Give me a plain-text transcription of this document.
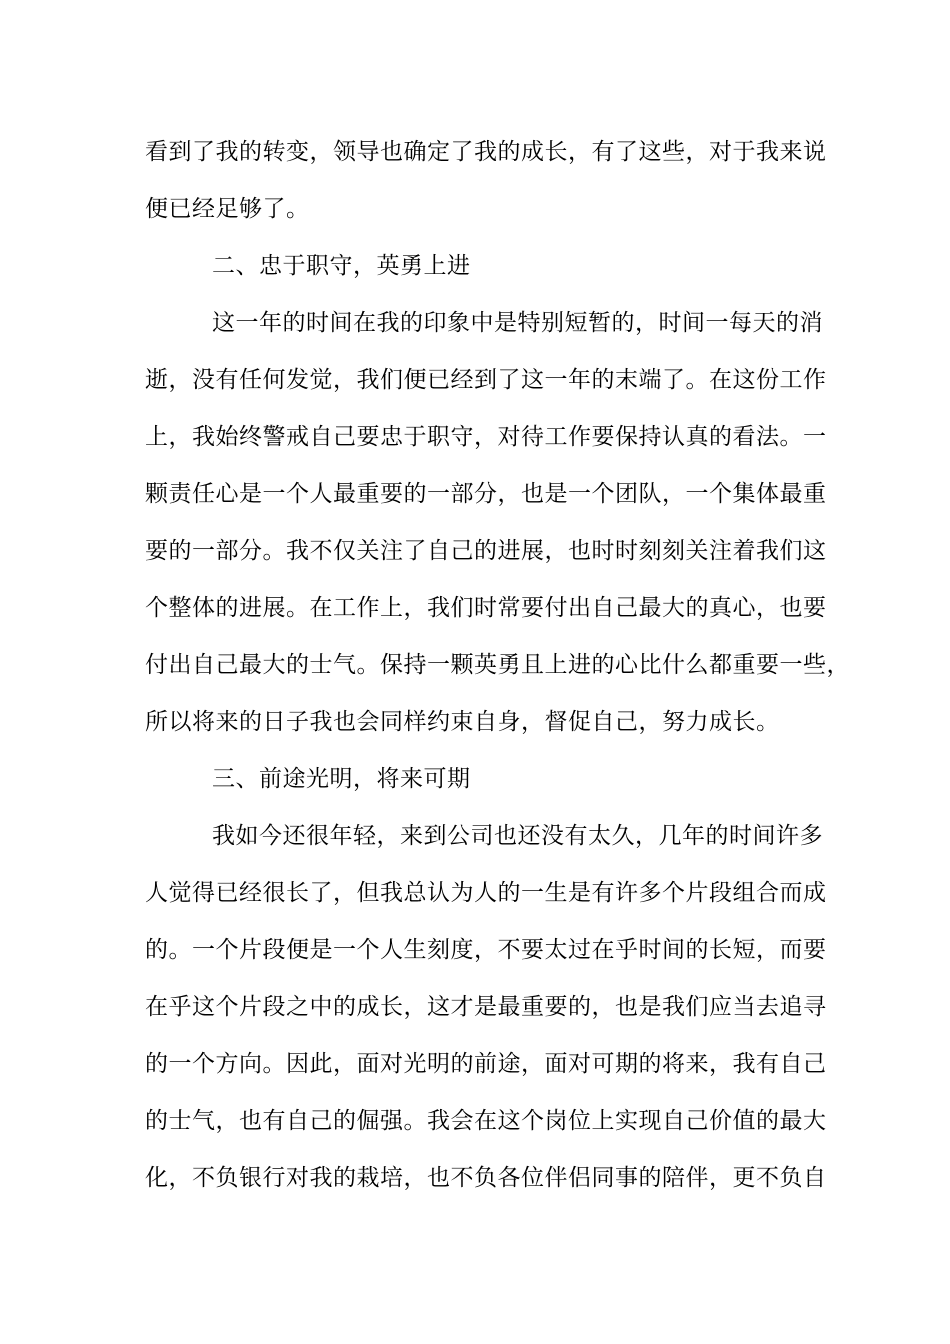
看到了我的转变，领导也确定了我的成长，有了这些，对于我来说
便已经足够了。
二、忠于职守，英勇上进
这一年的时间在我的印象中是特别短暂的，时间一每天的消
逝，没有任何发觉，我们便已经到了这一年的末端了。在这份工作
上，我始终警戒自己要忠于职守，对待工作要保持认真的看法。一
颗责任心是一个人最重要的一部分，也是一个团队，一个集体最重
要的一部分。我不仅关注了自己的进展，也时时刻刻关注着我们这
个整体的进展。在工作上，我们时常要付出自己最大的真心，也要
付出自己最大的士气。保持一颗英勇且上进的心比什么都重要一些，
所以将来的日子我也会同样约束自身，督促自己，努力成长。
三、前途光明，将来可期
我如今还很年轻，来到公司也还没有太久，几年的时间许多
人觉得已经很长了，但我总认为人的一生是有许多个片段组合而成
的。一个片段便是一个人生刻度，不要太过在乎时间的长短，而要
在乎这个片段之中的成长，这才是最重要的，也是我们应当去追寻
的一个方向。因此，面对光明的前途，面对可期的将来，我有自己
的士气，也有自己的倔强。我会在这个岗位上实现自己价值的最大
化，不负银行对我的栽培，也不负各位伴侣同事的陪伴，更不负自
